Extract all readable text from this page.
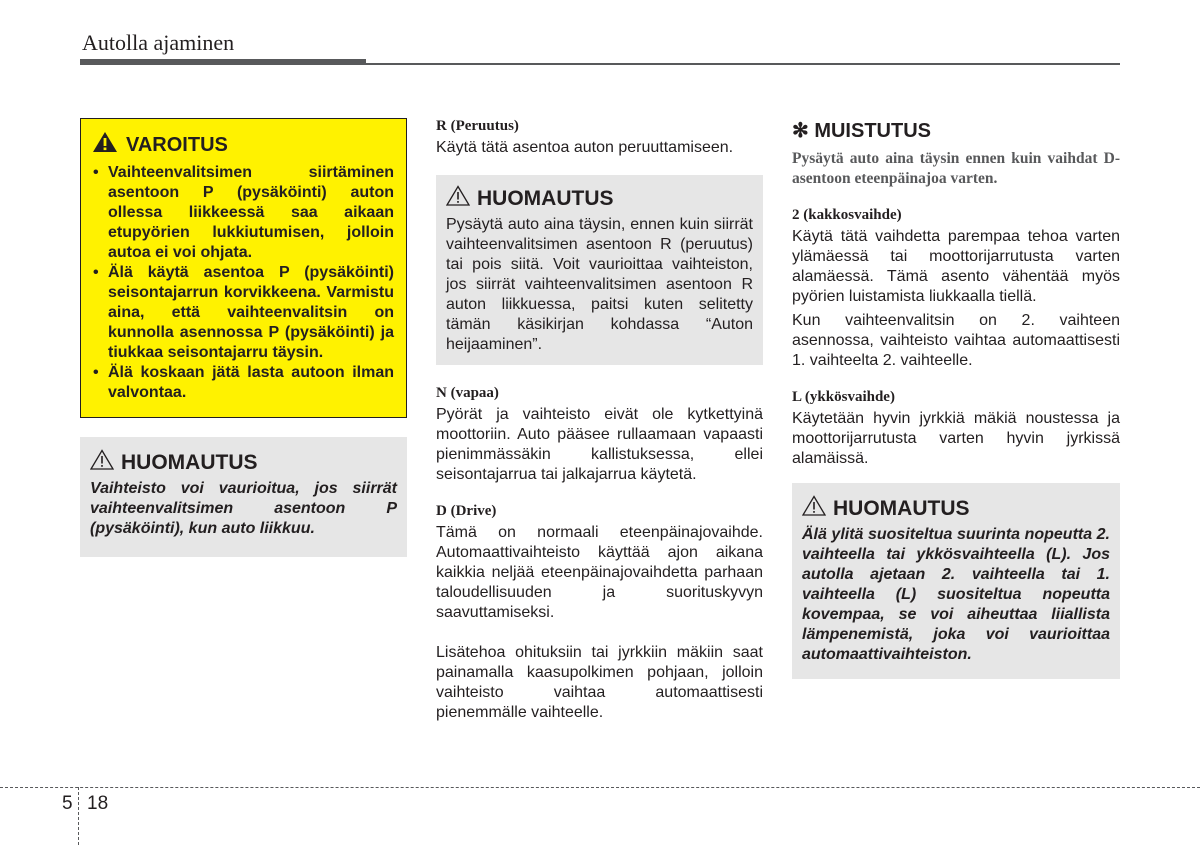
Autolla ajaminen
VAROITUS
• Vaihteenvalitsimen siirtäminen asentoon P (pysäköinti) auton ollessa liikkeessä saa aikaan etupyörien lukkiutumisen, jolloin autoa ei voi ohjata.
• Älä käytä asentoa P (pysäköinti) seisontajarrun korvikkeena. Varmistu aina, että vaihteenvalitsin on kunnolla asennossa P (pysäköinti) ja tiukkaa seisontajarru täysin.
• Älä koskaan jätä lasta autoon ilman valvontaa.
HUOMAUTUS
Vaihteisto voi vaurioitua, jos siirrät vaihteenvalitsimen asentoon P (pysäköinti), kun auto liikkuu.
R (Peruutus)

Käytä tätä asentoa auton peruuttamiseen.

HUOMAUTUS
Pysäytä auto aina täysin, ennen kuin siirrät vaihteenvalitsimen asentoon R (peruutus) tai pois siitä. Voit vaurioittaa vaihteiston, jos siirrät vaihteenvalitsimen asentoon R auton liikkuessa, paitsi kuten selitetty tämän käsikirjan kohdassa “Auton heijaaminen”.
N (vapaa)

Pyörät ja vaihteisto eivät ole kytkettyinä moottoriin. Auto pääsee rullaamaan vapaasti pienimmässäkin kallistuksessa, ellei seisontajarrua tai jalkajarrua käytetä.

D (Drive)

Tämä on normaali eteenpäinajovaihde. Automaattivaihteisto käyttää ajon aikana kaikkia neljää eteenpäinajovaihdetta parhaan taloudellisuuden ja suorituskyvyn saavuttamiseksi.

Lisätehoa ohituksiin tai jyrkkiin mäkiin saat painamalla kaasupolkimen pohjaan, jolloin vaihteisto vaihtaa automaattisesti pienemmälle vaihteelle.

✻ MUISTUTUS
Pysäytä auto aina täysin ennen kuin vaihdat D-asentoon eteenpäinajoa varten.
2 (kakkosvaihde)

Käytä tätä vaihdetta parempaa tehoa varten ylämäessä tai moottorijarrutusta varten alamäessä. Tämä asento vähentää myös pyörien luistamista liukkaalla tiellä.

Kun vaihteenvalitsin on 2. vaihteen asennossa, vaihteisto vaihtaa automaattisesti 1. vaihteelta 2. vaihteelle.

L (ykkösvaihde)

Käytetään hyvin jyrkkiä mäkiä noustessa ja moottorijarrutusta varten hyvin jyrkissä alamäissä.

HUOMAUTUS
Älä ylitä suositeltua suurinta nopeutta 2. vaihteella tai ykkösvaihteella (L). Jos autolla ajetaan 2. vaihteella tai 1. vaihteella (L) suositeltua nopeutta kovempaa, se voi aiheuttaa liiallista lämpenemistä, joka voi vaurioittaa automaattivaihteiston.
5 18
